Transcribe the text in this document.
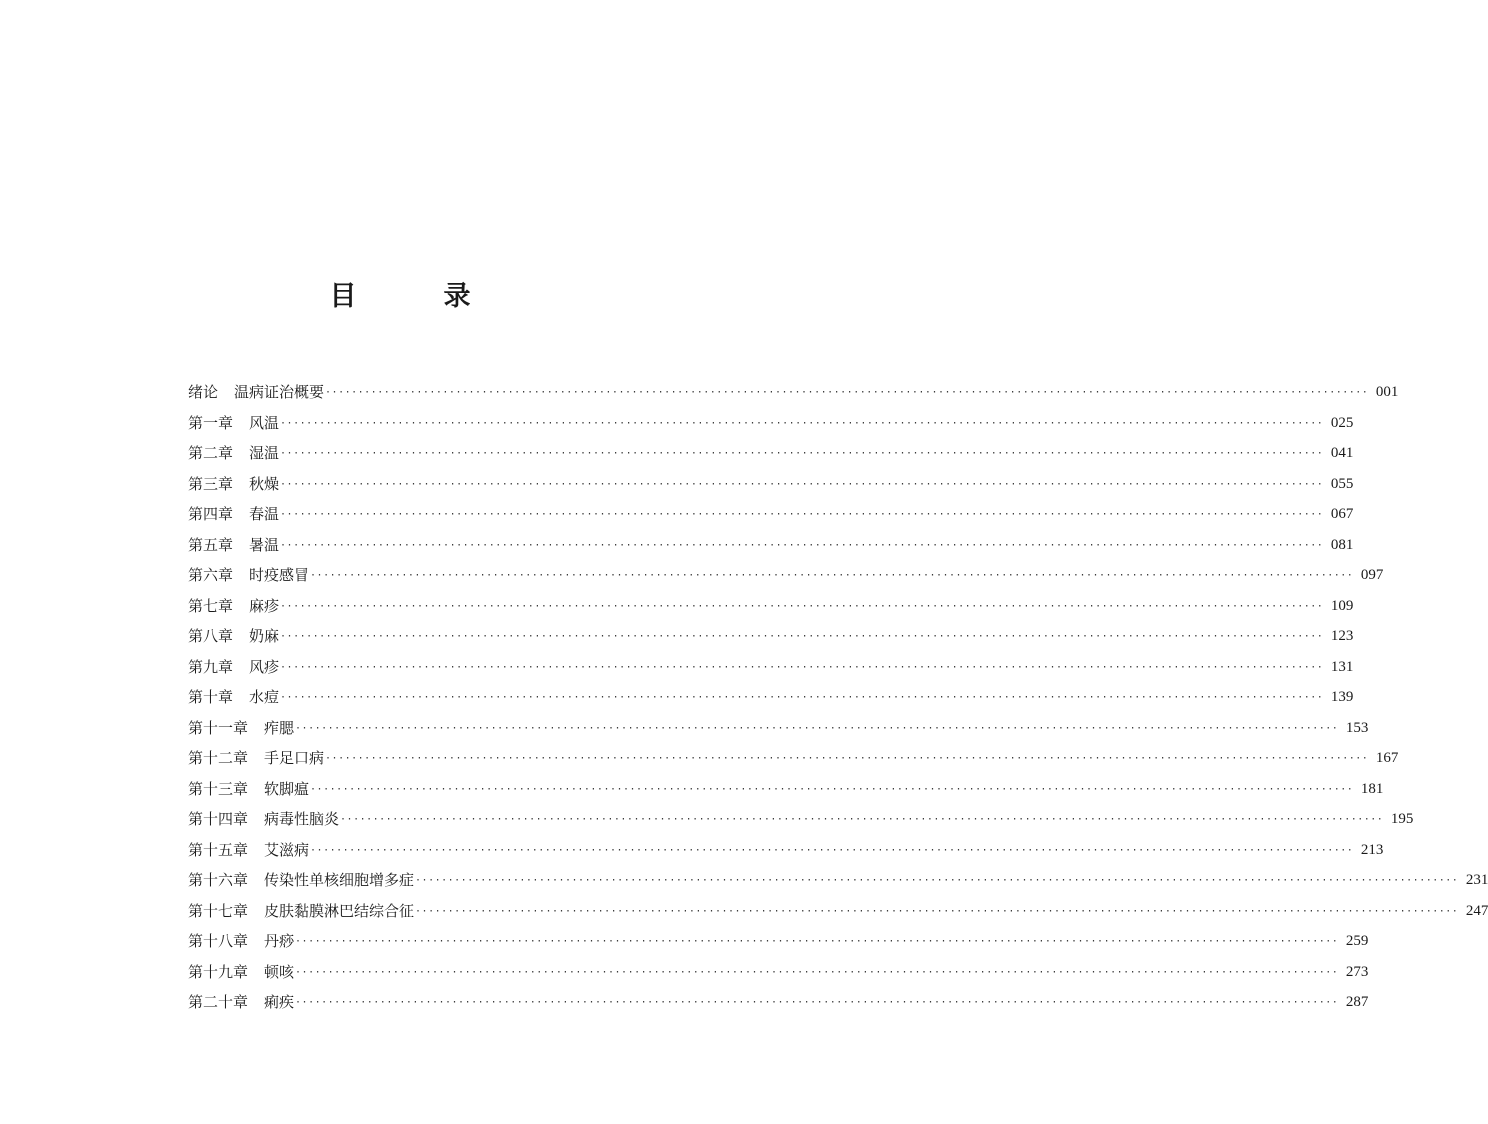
目　录
绪论 温病证治概要 ································································································································································ 001
第一章 风温 ································································································································································ 025
第二章 湿温 ································································································································································ 041
第三章 秋燥 ································································································································································ 055
第四章 春温 ································································································································································ 067
第五章 暑温 ································································································································································ 081
第六章 时疫感冒 ································································································································································ 097
第七章 麻疹 ································································································································································ 109
第八章 奶麻 ································································································································································ 123
第九章 风疹 ································································································································································ 131
第十章 水痘 ································································································································································ 139
第十一章 痄腮 ································································································································································ 153
第十二章 手足口病 ································································································································································ 167
第十三章 软脚瘟 ································································································································································ 181
第十四章 病毒性脑炎 ································································································································································ 195
第十五章 艾滋病 ································································································································································ 213
第十六章 传染性单核细胞增多症 ································································································································································ 231
第十七章 皮肤黏膜淋巴结综合征 ································································································································································ 247
第十八章 丹痧 ································································································································································ 259
第十九章 顿咳 ································································································································································ 273
第二十章 痢疾 ································································································································································ 287
